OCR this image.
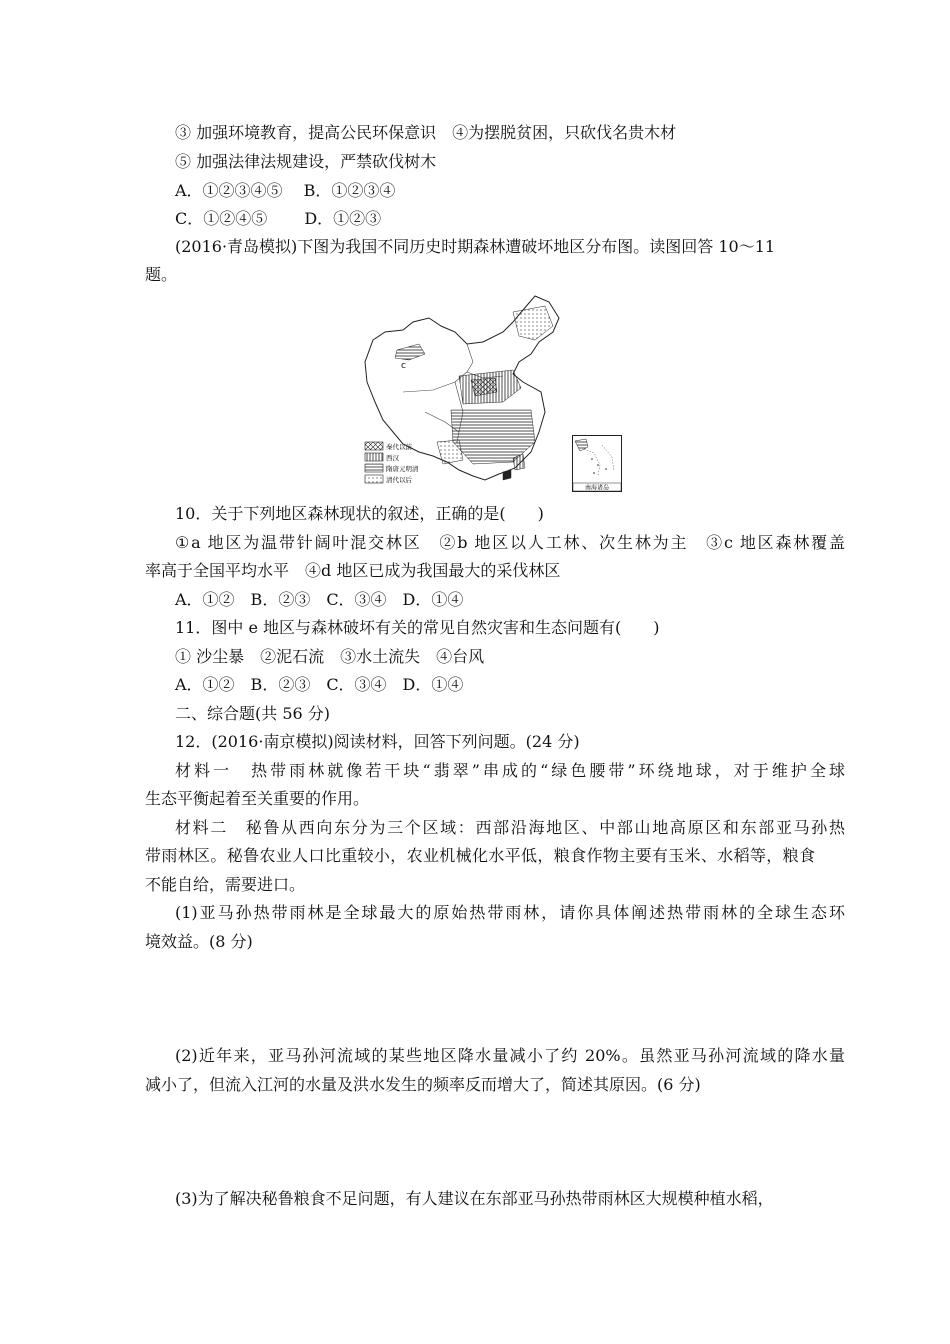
③ 加强环境教育，提高公民环保意识　④为摆脱贫困，只砍伐名贵木材
⑤ 加强法律法规建设，严禁砍伐树木
A．①②③④⑤　 B．①②③④
C．①②④⑤　　 D．①②③
(2016·青岛模拟)下图为我国不同历史时期森林遭破坏地区分布图。读图回答 10～11
题。
c
秦代以前
西汉
隋唐元明清
清代以后
南海诸岛
10．关于下列地区森林现状的叙述，正确的是(　　)
①a 地区为温带针阔叶混交林区　②b 地区以人工林、次生林为主　③c 地区森林覆盖
率高于全国平均水平　④d 地区已成为我国最大的采伐林区
A．①②　B．②③　C．③④　D．①④
11．图中 e 地区与森林破坏有关的常见自然灾害和生态问题有(　　)
① 沙尘暴　②泥石流　③水土流失　④台风
A．①②　B．②③　C．③④　D．①④
二、综合题(共 56 分)
12．(2016·南京模拟)阅读材料，回答下列问题。(24 分)
材料一　热带雨林就像若干块“翡翠”串成的“绿色腰带”环绕地球，对于维护全球
生态平衡起着至关重要的作用。
材料二　秘鲁从西向东分为三个区域：西部沿海地区、中部山地高原区和东部亚马孙热
带雨林区。秘鲁农业人口比重较小，农业机械化水平低，粮食作物主要有玉米、水稻等，粮食
不能自给，需要进口。
(1)亚马孙热带雨林是全球最大的原始热带雨林，请你具体阐述热带雨林的全球生态环
境效益。(8 分)
(2)近年来，亚马孙河流域的某些地区降水量减小了约 20%。虽然亚马孙河流域的降水量
减小了，但流入江河的水量及洪水发生的频率反而增大了，简述其原因。(6 分)
(3)为了解决秘鲁粮食不足问题，有人建议在东部亚马孙热带雨林区大规模种植水稻，
